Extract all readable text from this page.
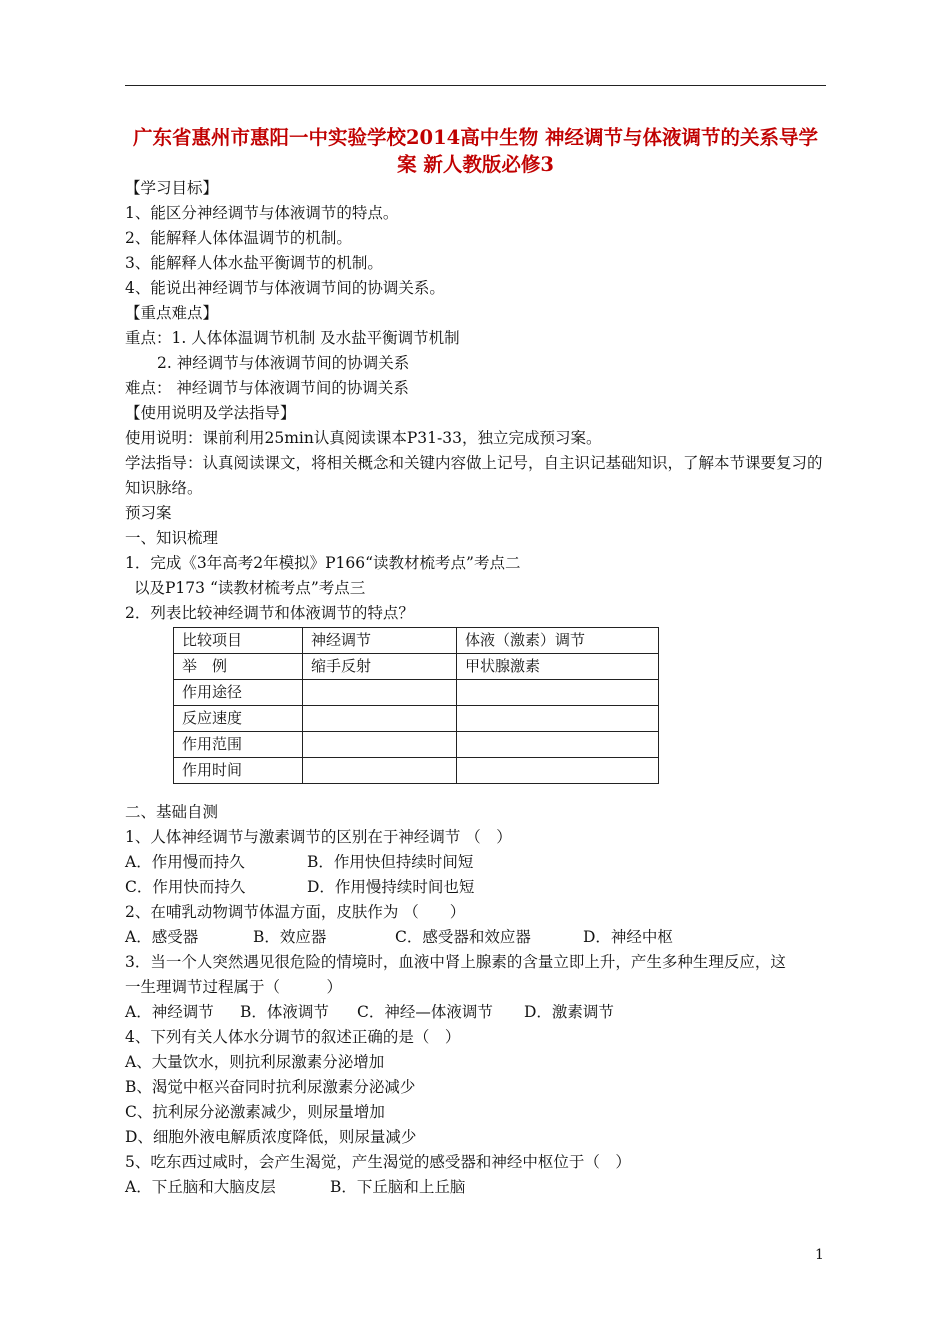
广东省惠州市惠阳一中实验学校2014高中生物 神经调节与体液调节的关系导学案 新人教版必修3
【学习目标】
1、能区分神经调节与体液调节的特点。
2、能解释人体体温调节的机制。
3、能解释人体水盐平衡调节的机制。
4、能说出神经调节与体液调节间的协调关系。
【重点难点】
重点：1. 人体体温调节机制 及水盐平衡调节机制
2. 神经调节与体液调节间的协调关系
难点： 神经调节与体液调节间的协调关系
【使用说明及学法指导】
使用说明：课前利用25min认真阅读课本P31-33，独立完成预习案。
学法指导：认真阅读课文，将相关概念和关键内容做上记号，自主识记基础知识，了解本节课要复习的知识脉络。
预习案
一、知识梳理
1．完成《3年高考2年模拟》P166“读教材梳考点”考点二
以及P173 “读教材梳考点”考点三
2．列表比较神经调节和体液调节的特点？
比较项目	神经调节	体液（激素）调节
举　例	缩手反射	甲状腺激素
作用途径		
反应速度		
作用范围		
作用时间		
二、基础自测
1、人体神经调节与激素调节的区别在于神经调节 （　）
A．作用慢而持久	B．作用快但持续时间短
C．作用快而持久	D．作用慢持续时间也短
2、在哺乳动物调节体温方面，皮肤作为 （　　）
A．感受器	B．效应器	C．感受器和效应器	D．神经中枢
3．当一个人突然遇见很危险的情境时，血液中肾上腺素的含量立即上升，产生多种生理反应，这
一生理调节过程属于（　　　）
A．神经调节 B．体液调节 C．神经—体液调节 D．激素调节
4、下列有关人体水分调节的叙述正确的是（　）
A、大量饮水，则抗利尿激素分泌增加
B、渴觉中枢兴奋同时抗利尿激素分泌减少
C、抗利尿分泌激素减少，则尿量增加
D、细胞外液电解质浓度降低，则尿量减少
5、吃东西过咸时，会产生渴觉，产生渴觉的感受器和神经中枢位于（　）
A．下丘脑和大脑皮层	B．下丘脑和上丘脑
1
